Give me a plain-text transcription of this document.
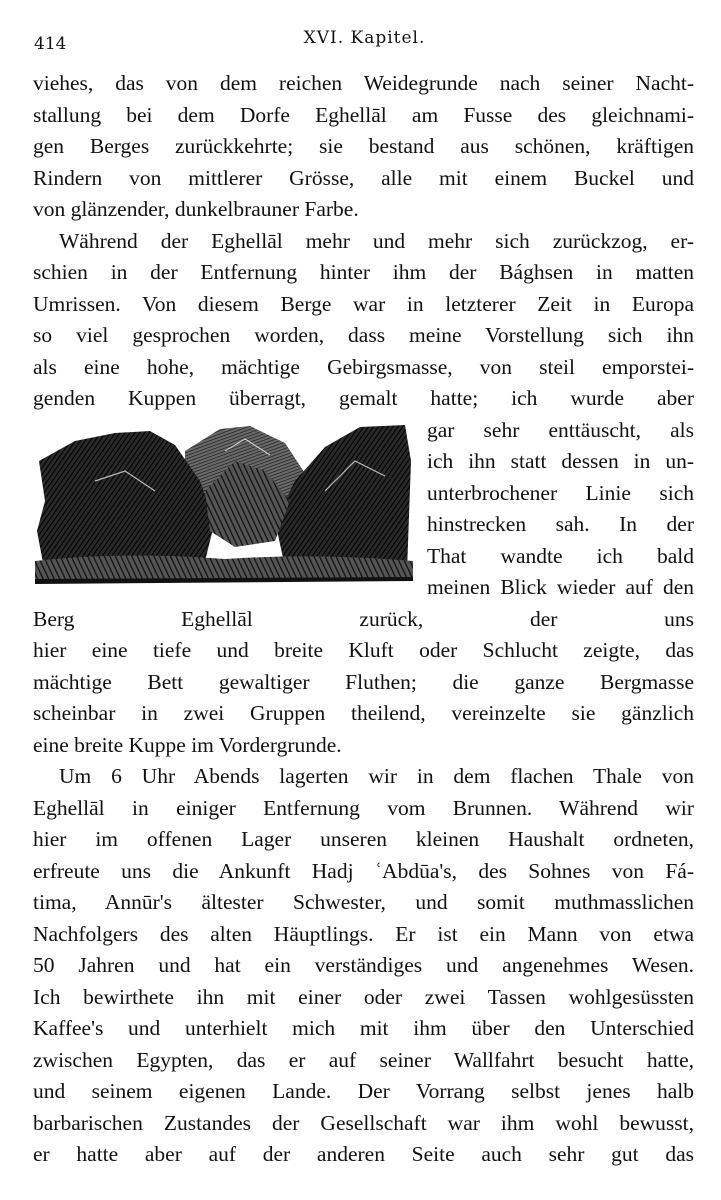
414	XVI. Kapitel.

viehes, das von dem reichen Weidegrunde nach seiner Nacht-

stallung bei dem Dorfe Eghellāl am Fusse des gleichnami-

gen Berges zurückkehrte; sie bestand aus schönen, kräftigen

Rindern von mittlerer Grösse, alle mit einem Buckel und

von glänzender, dunkelbrauner Farbe.

Während der Eghellāl mehr und mehr sich zurückzog, er-

schien in der Entfernung hinter ihm der Bághsen in matten

Umrissen. Von diesem Berge war in letzterer Zeit in Europa

so viel gesprochen worden, dass meine Vorstellung sich ihn

als eine hohe, mächtige Gebirgsmasse, von steil emporstei-

genden Kuppen überragt, gemalt hatte; ich wurde aber

gar sehr enttäuscht, als

ich ihn statt dessen in un-

unterbrochener Linie sich

hinstrecken sah. In der

That wandte ich bald

meinen Blick wieder auf den Berg Eghellāl zurück, der uns

hier eine tiefe und breite Kluft oder Schlucht zeigte, das

mächtige Bett gewaltiger Fluthen; die ganze Bergmasse

scheinbar in zwei Gruppen theilend, vereinzelte sie gänzlich

eine breite Kuppe im Vordergrunde.

Um 6 Uhr Abends lagerten wir in dem flachen Thale von

Eghellāl in einiger Entfernung vom Brunnen. Während wir

hier im offenen Lager unseren kleinen Haushalt ordneten,

erfreute uns die Ankunft Hadj ʿAbdūa's, des Sohnes von Fá-

tima, Annūr's ältester Schwester, und somit muthmasslichen

Nachfolgers des alten Häuptlings. Er ist ein Mann von etwa

50 Jahren und hat ein verständiges und angenehmes Wesen.

Ich bewirthete ihn mit einer oder zwei Tassen wohlgesüssten

Kaffee's und unterhielt mich mit ihm über den Unterschied

zwischen Egypten, das er auf seiner Wallfahrt besucht hatte,

und seinem eigenen Lande. Der Vorrang selbst jenes halb

barbarischen Zustandes der Gesellschaft war ihm wohl bewusst,

er hatte aber auf der anderen Seite auch sehr gut das
